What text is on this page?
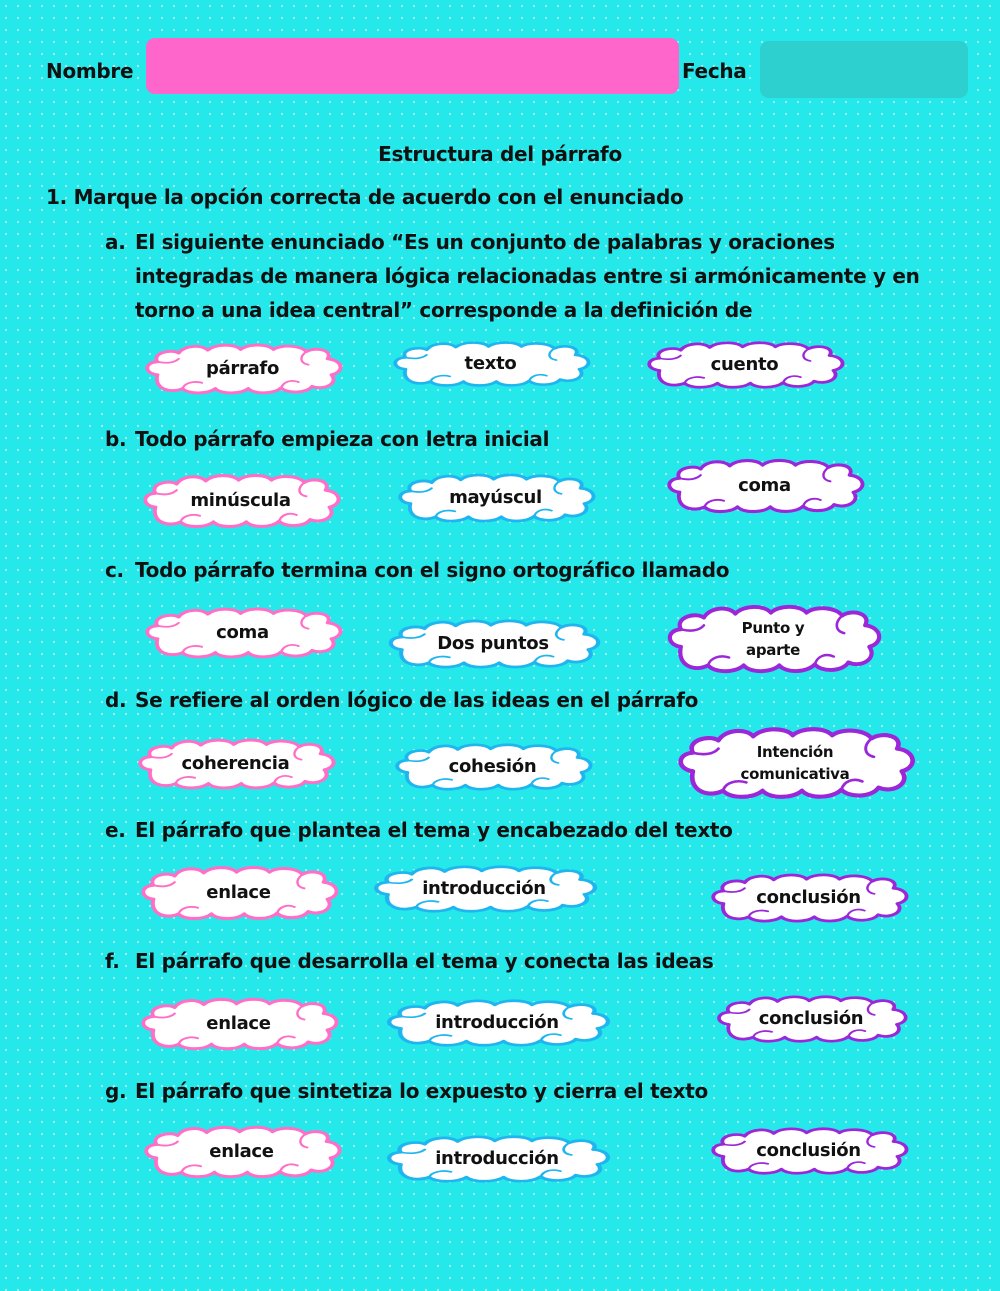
Nombre	Fecha
Estructura del párrafo
1. Marque la opción correcta de acuerdo con el enunciado
a. El siguiente enunciado “Es un conjunto de palabras y oraciones integradas de manera lógica relacionadas entre si armónicamente y en torno a una idea central” corresponde a la definición de
párrafo	texto	cuento
b. Todo párrafo empieza con letra inicial
minúscula	mayúscul
coma
c. Todo párrafo termina con el signo ortográfico llamado
coma
Dos puntos
Punto y
aparte
d. Se refiere al orden lógico de las ideas en el párrafo
coherencia	cohesión
Intención
comunicativa
e. El párrafo que plantea el tema y encabezado del texto
enlace	introducción	conclusión
f. El párrafo que desarrolla el tema y conecta las ideas
enlace	introducción	conclusión
g. El párrafo que sintetiza lo expuesto y cierra el texto
enlace	introducción	conclusión
